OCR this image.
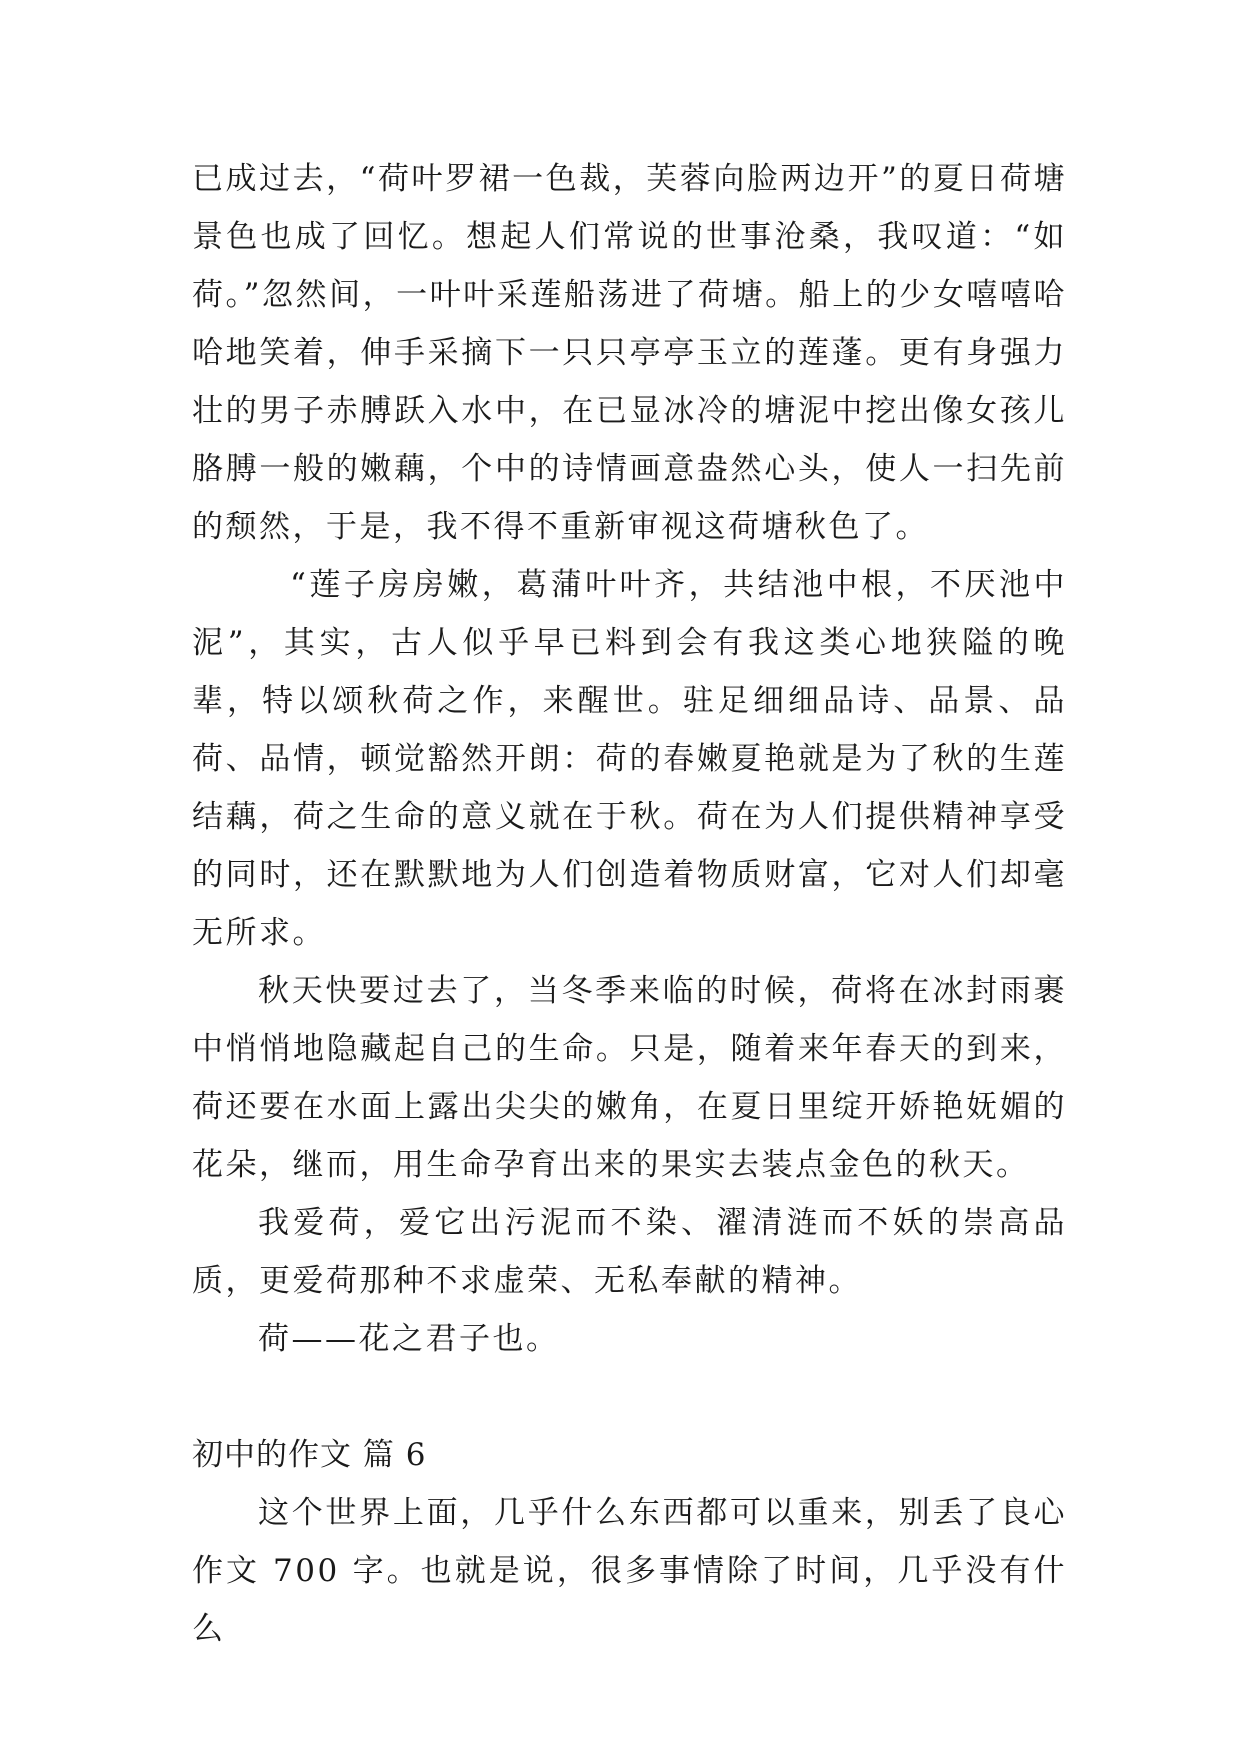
已成过去，“荷叶罗裙一色裁，芙蓉向脸两边开”的夏日荷塘景色也成了回忆。想起人们常说的世事沧桑，我叹道：“如荷。”忽然间，一叶叶采莲船荡进了荷塘。船上的少女嘻嘻哈哈地笑着，伸手采摘下一只只亭亭玉立的莲蓬。更有身强力壮的男子赤膊跃入水中，在已显冰冷的塘泥中挖出像女孩儿胳膊一般的嫩藕，个中的诗情画意盎然心头，使人一扫先前的颓然，于是，我不得不重新审视这荷塘秋色了。

“莲子房房嫩，葛蒲叶叶齐，共结池中根，不厌池中泥”，其实，古人似乎早已料到会有我这类心地狭隘的晚辈，特以颂秋荷之作，来醒世。驻足细细品诗、品景、品荷、品情，顿觉豁然开朗：荷的春嫩夏艳就是为了秋的生莲结藕，荷之生命的意义就在于秋。荷在为人们提供精神享受的同时，还在默默地为人们创造着物质财富，它对人们却毫无所求。

秋天快要过去了，当冬季来临的时候，荷将在冰封雨裹中悄悄地隐藏起自己的生命。只是，随着来年春天的到来，荷还要在水面上露出尖尖的嫩角，在夏日里绽开娇艳妩媚的花朵，继而，用生命孕育出来的果实去装点金色的秋天。

我爱荷，爱它出污泥而不染、濯清涟而不妖的崇高品质，更爱荷那种不求虚荣、无私奉献的精神。

荷——花之君子也。

初中的作文 篇 6

这个世界上面，几乎什么东西都可以重来，别丢了良心作文 700 字。也就是说，很多事情除了时间，几乎没有什么
